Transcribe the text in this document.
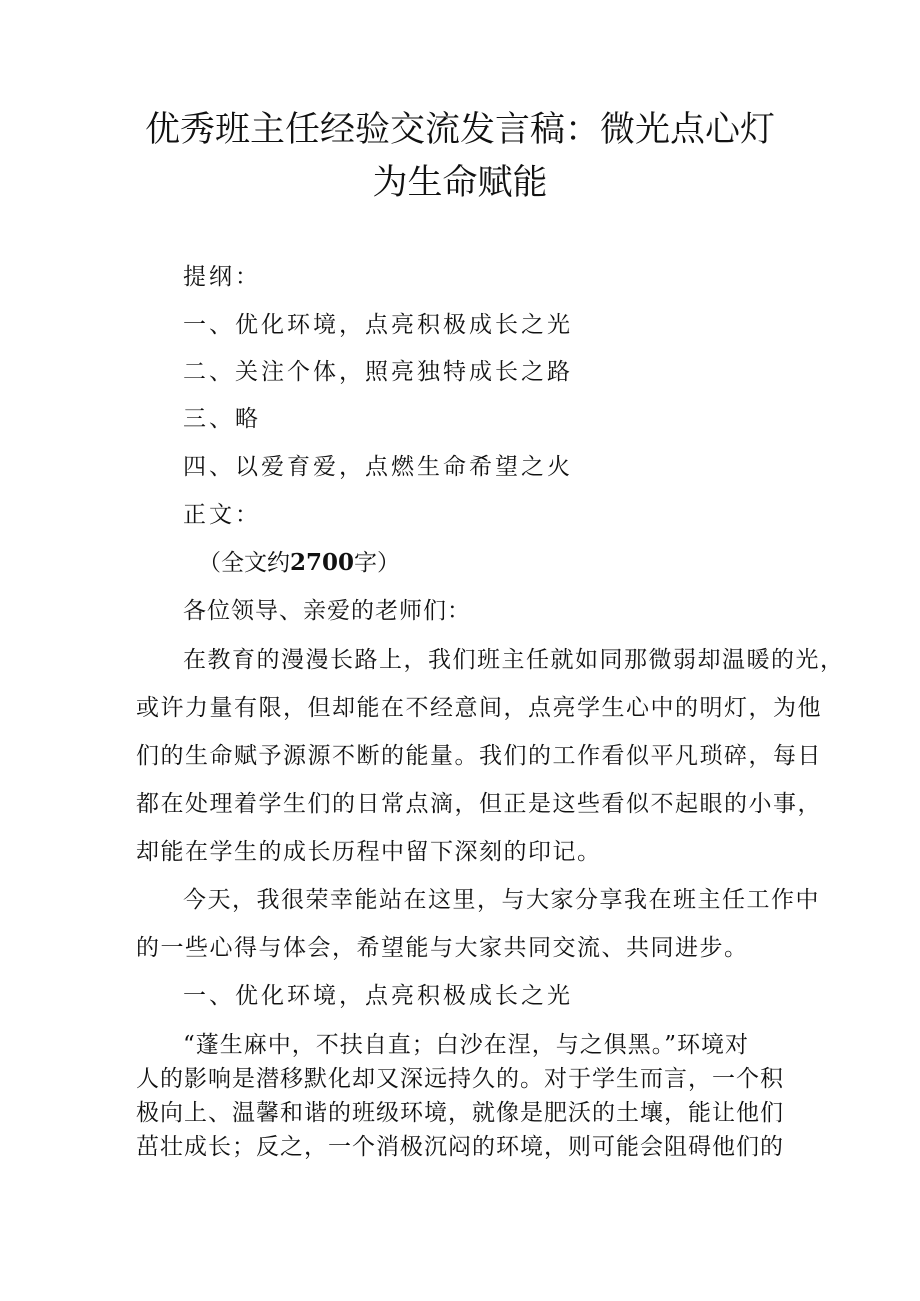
优秀班主任经验交流发言稿：微光点心灯
为生命赋能

提纲：

一、优化环境，点亮积极成长之光

二、关注个体，照亮独特成长之路

三、略

四、以爱育爱，点燃生命希望之火

正文：

（全文约2700字）

各位领导、亲爱的老师们：

在教育的漫漫长路上，我们班主任就如同那微弱却温暖的光，

或许力量有限，但却能在不经意间，点亮学生心中的明灯，为他

们的生命赋予源源不断的能量。我们的工作看似平凡琐碎，每日

都在处理着学生们的日常点滴，但正是这些看似不起眼的小事，

却能在学生的成长历程中留下深刻的印记。

今天，我很荣幸能站在这里，与大家分享我在班主任工作中

的一些心得与体会，希望能与大家共同交流、共同进步。

一、优化环境，点亮积极成长之光

“蓬生麻中，不扶自直；白沙在涅，与之俱黑。”环境对

人的影响是潜移默化却又深远持久的。对于学生而言，一个积

极向上、温馨和谐的班级环境，就像是肥沃的土壤，能让他们

茁壮成长；反之，一个消极沉闷的环境，则可能会阻碍他们的
